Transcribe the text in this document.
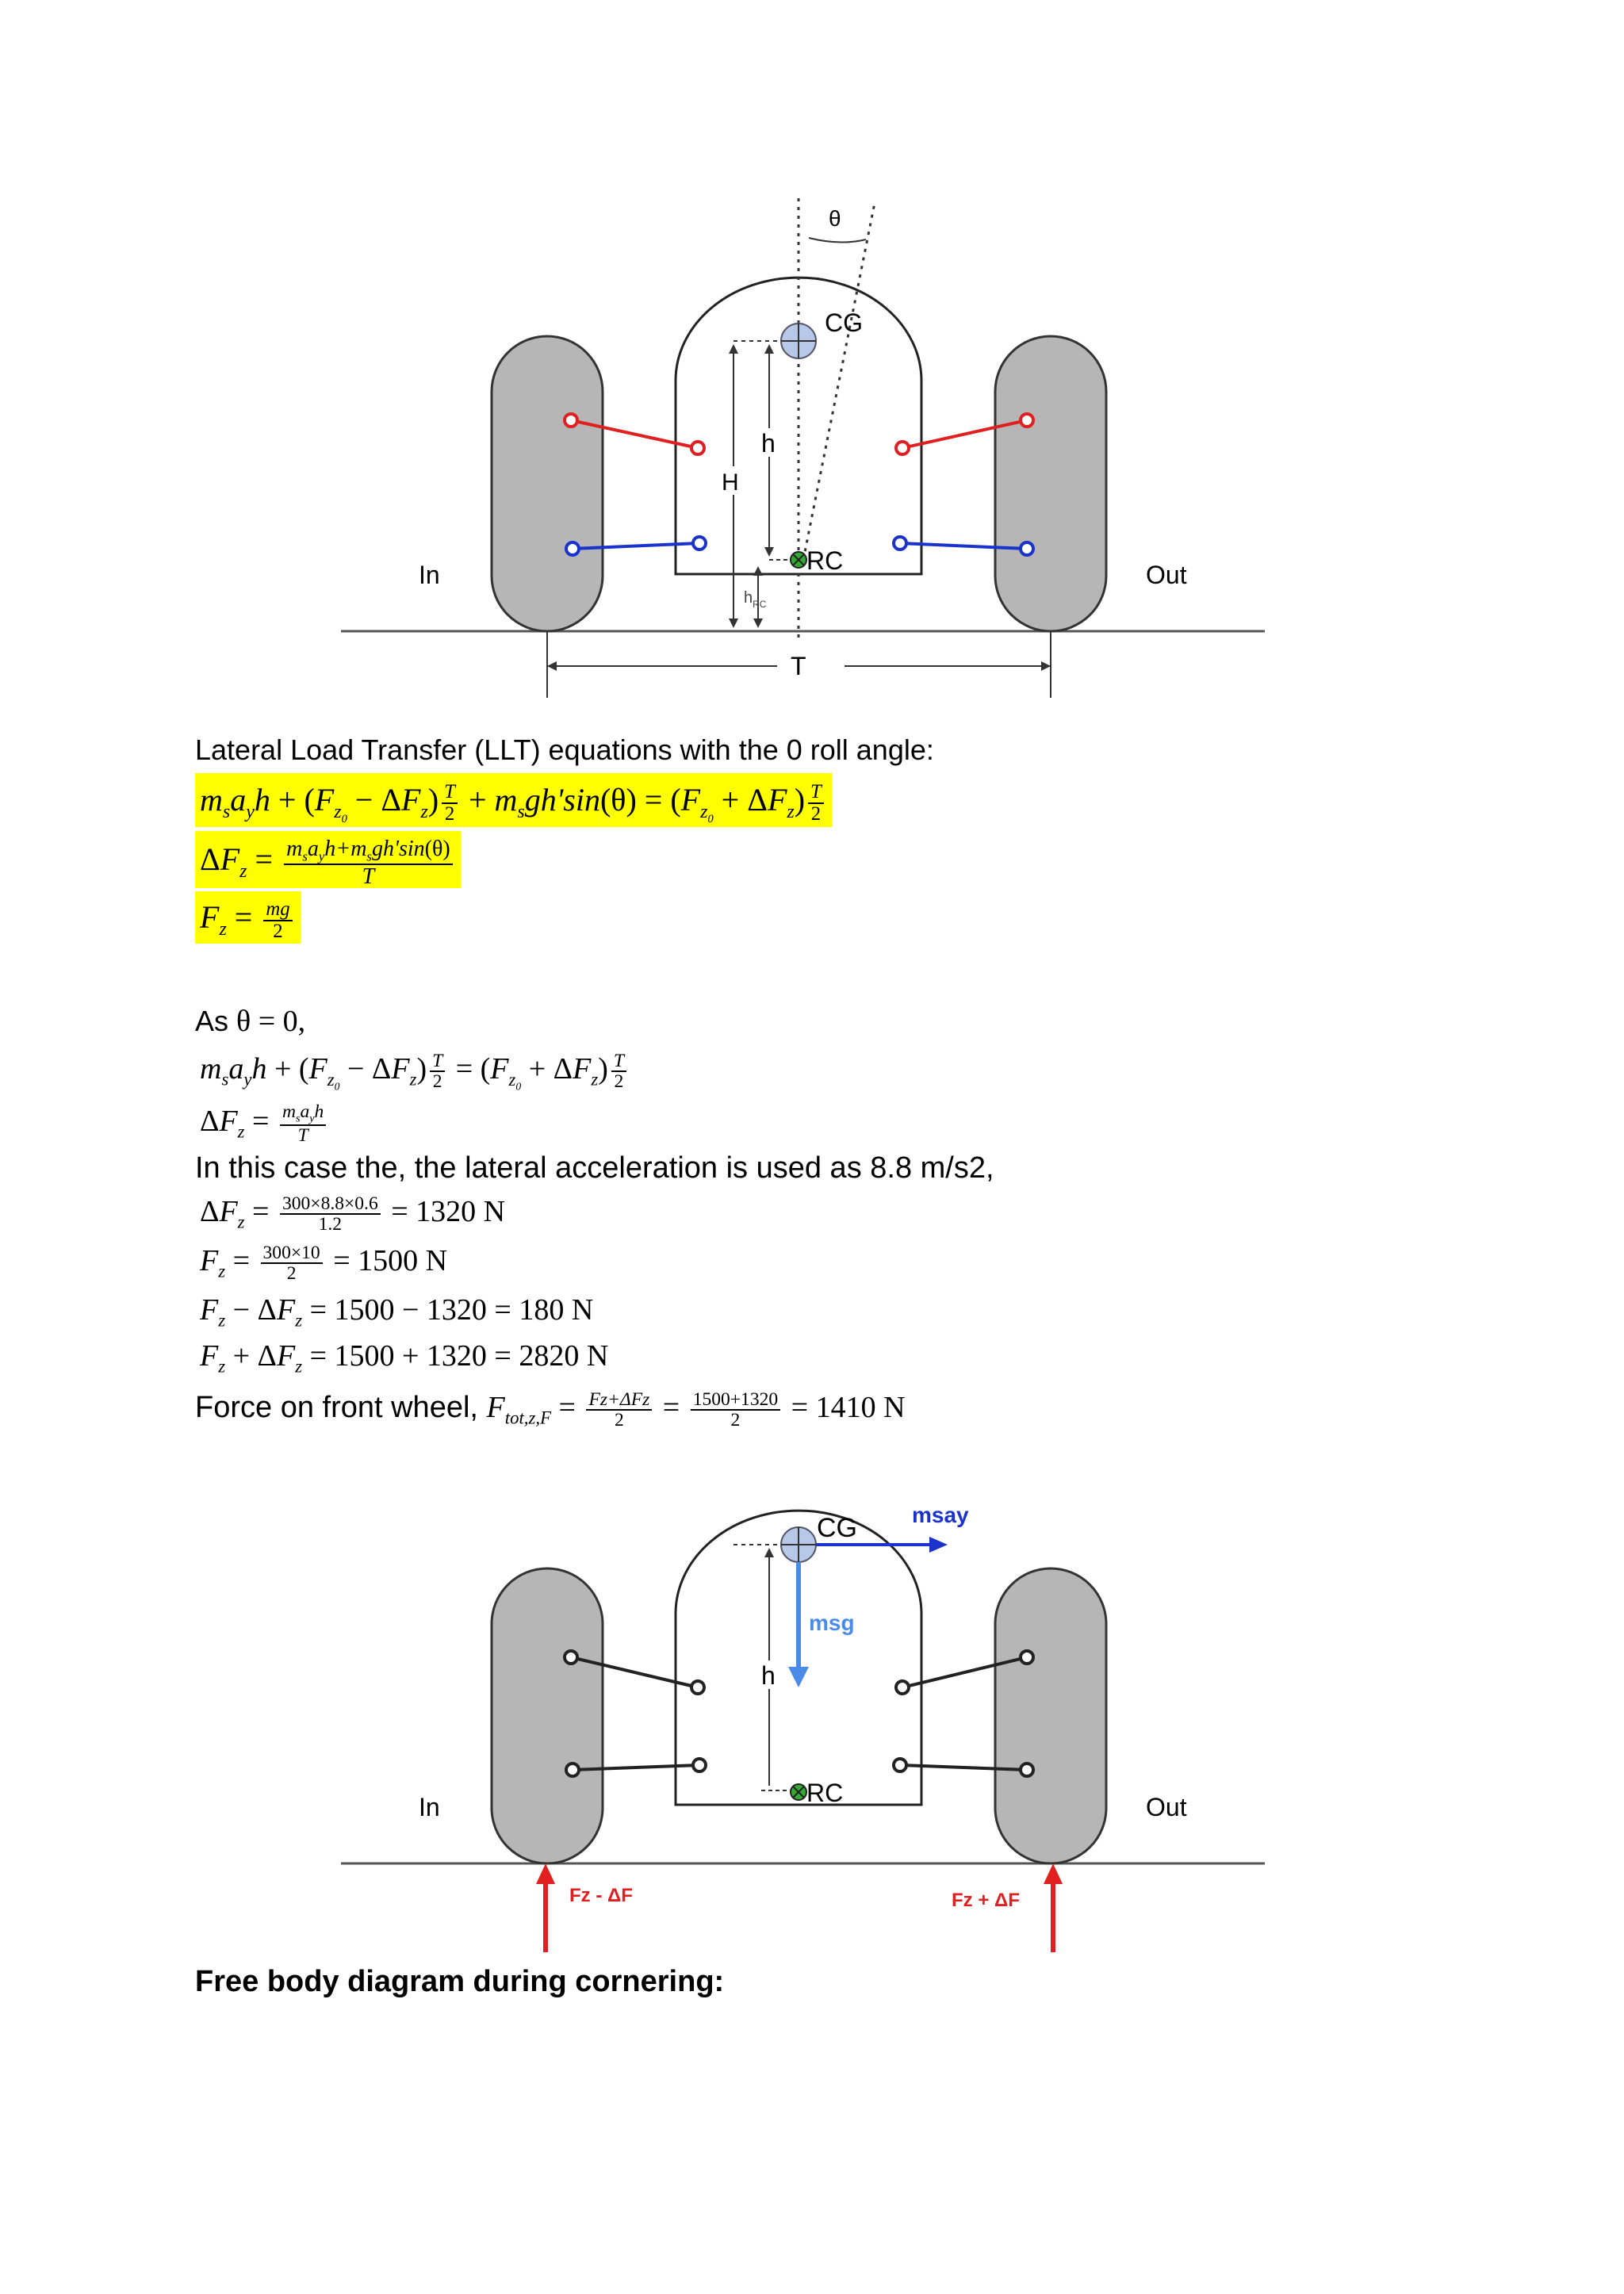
θ
CG
h
H
RC
$h_{RC}$
In	Out
T
Lateral Load Transfer (LLT) equations with the 0 roll angle:
$m_sa_yh + (F_{z_0} - \Delta F_z) \frac{T}{2} + m_sgh'\sin(\theta) = (F_{z_0} + \Delta F_z) \frac{T}{2}$
$\Delta F_z = \frac{m_sa_yh+m_sgh'\sin(\theta)}{T}$
$F_z = \frac{mg}{2}$
As θ = 0,
$m_sa_yh + (F_{z_0} - \Delta F_z) \frac{T}{2} = (F_{z_0} + \Delta F_z) \frac{T}{2}$
$\Delta F_z = \frac{m_sa_yh}{T}$
In this case the, the lateral acceleration is used as 8.8 m/s2,
$\Delta F_z = \frac{300\times 8.8\times 0.6}{1.2} = 1320$ N
$F_z = \frac{300\times 10}{2} = 1500$ N
$F_z - \Delta F_z = 1500 - 1320 = 180$ N
$F_z + \Delta F_z = 1500 + 1320 = 2820$ N
Force on front wheel, $F_{tot,z,F} = \frac{\text{Fz+ΔFz}}{2} = \frac{1500+1320}{2} = 1410$ N
CG msay
msg
h
RC
In	Out
Fz - ΔF	Fz + ΔF
Free body diagram during cornering:
